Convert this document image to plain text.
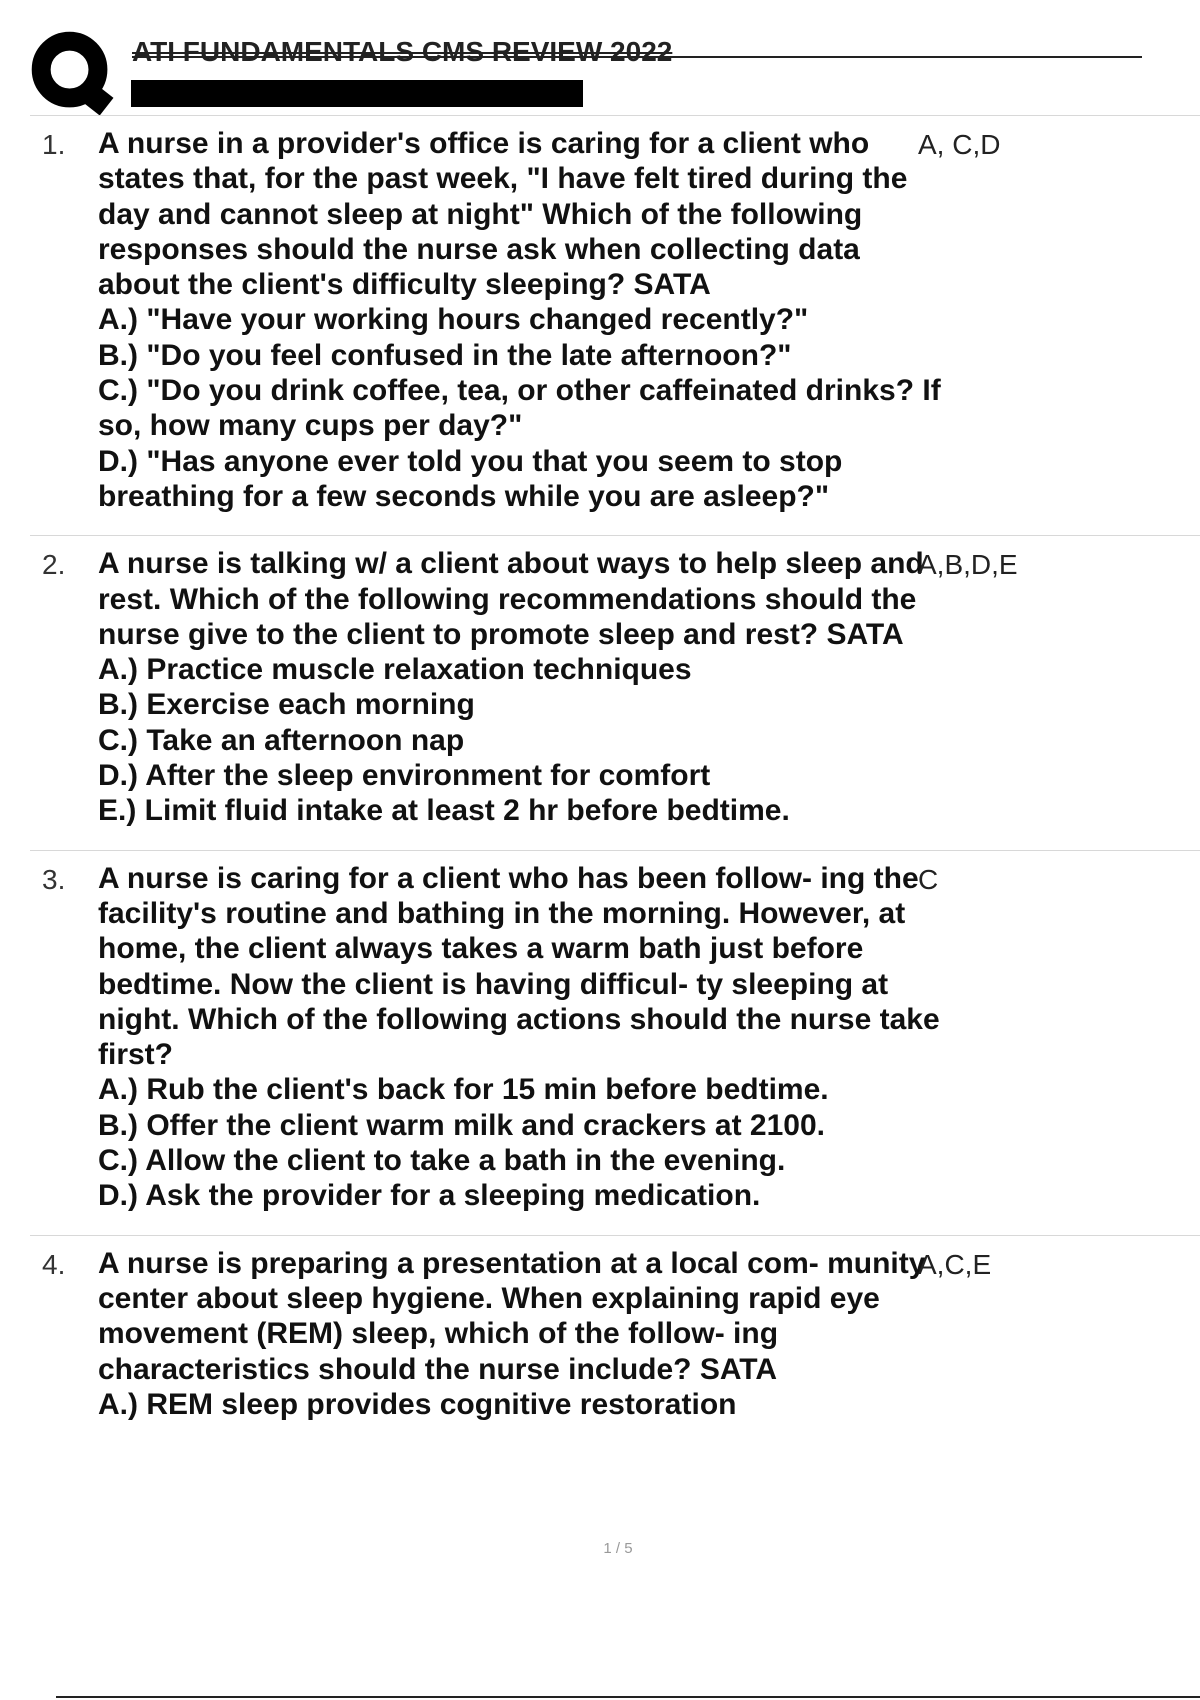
ATI FUNDAMENTALS CMS REVIEW 2022
1. A nurse in a provider's office is caring for a client who states that, for the past week, "I have felt tired during the day and cannot sleep at night" Which of the following responses should the nurse ask when collecting data about the client's difficulty sleeping? SATA
A.) "Have your working hours changed recently?"
B.) "Do you feel confused in the late afternoon?"
C.) "Do you drink coffee, tea, or other caffeinated drinks? If so, how many cups per day?"
D.) "Has anyone ever told you that you seem to stop breathing for a few seconds while you are asleep?"
A, C,D
2. A nurse is talking w/ a client about ways to help sleep and rest. Which of the following recommendations should the nurse give to the client to promote sleep and rest? SATA
A.) Practice muscle relaxation techniques
B.) Exercise each morning
C.) Take an afternoon nap
D.) After the sleep environment for comfort
E.) Limit fluid intake at least 2 hr before bedtime.
A,B,D,E
3. A nurse is caring for a client who has been follow- ing the facility's routine and bathing in the morning. However, at home, the client always takes a warm bath just before bedtime. Now the client is having difficul- ty sleeping at night. Which of the following actions should the nurse take first?
A.) Rub the client's back for 15 min before bedtime.
B.) Offer the client warm milk and crackers at 2100.
C.) Allow the client to take a bath in the evening.
D.) Ask the provider for a sleeping medication.
C
4. A nurse is preparing a presentation at a local com- munity center about sleep hygiene. When explaining rapid eye movement (REM) sleep, which of the follow- ing characteristics should the nurse include? SATA
A.) REM sleep provides cognitive restoration
A,C,E
1 / 5
